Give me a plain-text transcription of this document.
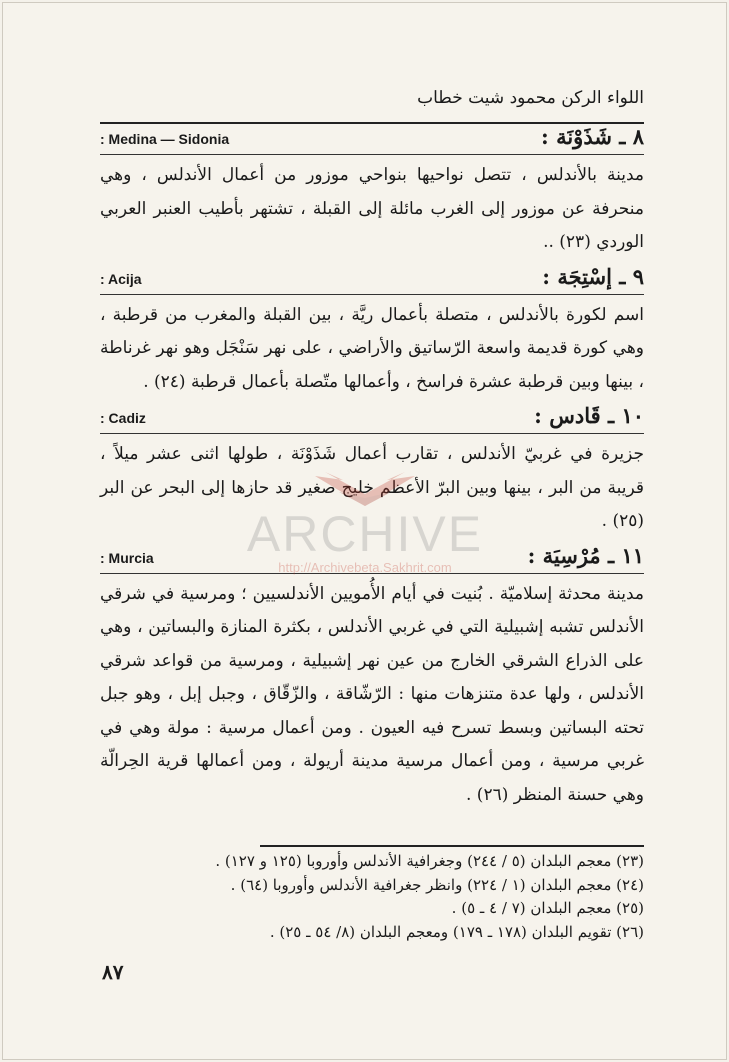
اللواء الركن محمود شيت خطاب
٨ ـ شَذَوْنَة :
: Medina — Sidonia

مدينة بالأندلس ، تتصل نواحيها بنواحي موزور من أعمال الأندلس ، وهي منحرفة عن موزور إلى الغرب مائلة إلى القبلة ، تشتهر بأطيب العنبر العربي الوردي (٢٣) ..

٩ ـ إسْتِجَة :
: Acija

اسم لكورة بالأندلس ، متصلة بأعمال ريَّة ، بين القبلة والمغرب من قرطبة ، وهي كورة قديمة واسعة الرّساتيق والأراضي ، على نهر سَنْجَل وهو نهر غرناطة ، بينها وبين قرطبة عشرة فراسخ ، وأعمالها متّصلة بأعمال قرطبة (٢٤) .

١٠ ـ قَادس :
: Cadiz

جزيرة في غربيّ الأندلس ، تقارب أعمال شَذَوْنَة ، طولها اثنى عشر ميلاً ، قريبة من البر ، بينها وبين البرّ الأعظم خليج صغير قد حازها إلى البحر عن البر (٢٥) .

١١ ـ مُرْسِيَة :
: Murcia

مدينة محدثة إسلاميّة . بُنيت في أيام الأُمويين الأندلسيين ؛ ومرسية في شرقي الأندلس تشبه إشبيلية التي في غربي الأندلس ، بكثرة المنازة والبساتين ، وهي على الذراع الشرقي الخارج من عين نهر إشبيلية ، ومرسية من قواعد شرقي الأندلس ، ولها عدة متنزهات منها : الرّشّاقة ، والزّقّاق ، وجبل إبل ، وهو جبل تحته البساتين وبسط تسرح فيه العيون . ومن أعمال مرسية : مولة وهي في غربي مرسية ، ومن أعمال مرسية مدينة أريولة ، ومن أعمالها قرية الحِرالّة وهي حسنة المنظر (٢٦) .

ARCHIVE
http://Archivebeta.Sakhrit.com
(٢٣) معجم البلدان (٥ / ٢٤٤) وجغرافية الأندلس وأوروبا (١٢٥ و ١٢٧) .
(٢٤) معجم البلدان (١ / ٢٢٤) وانظر جغرافية الأندلس وأوروبا (٦٤) .
(٢٥) معجم البلدان (٧ / ٤ ـ ٥) .
(٢٦) تقويم البلدان (١٧٨ ـ ١٧٩) ومعجم البلدان (٨/ ٥٤ ـ ٢٥) .
٨٧
